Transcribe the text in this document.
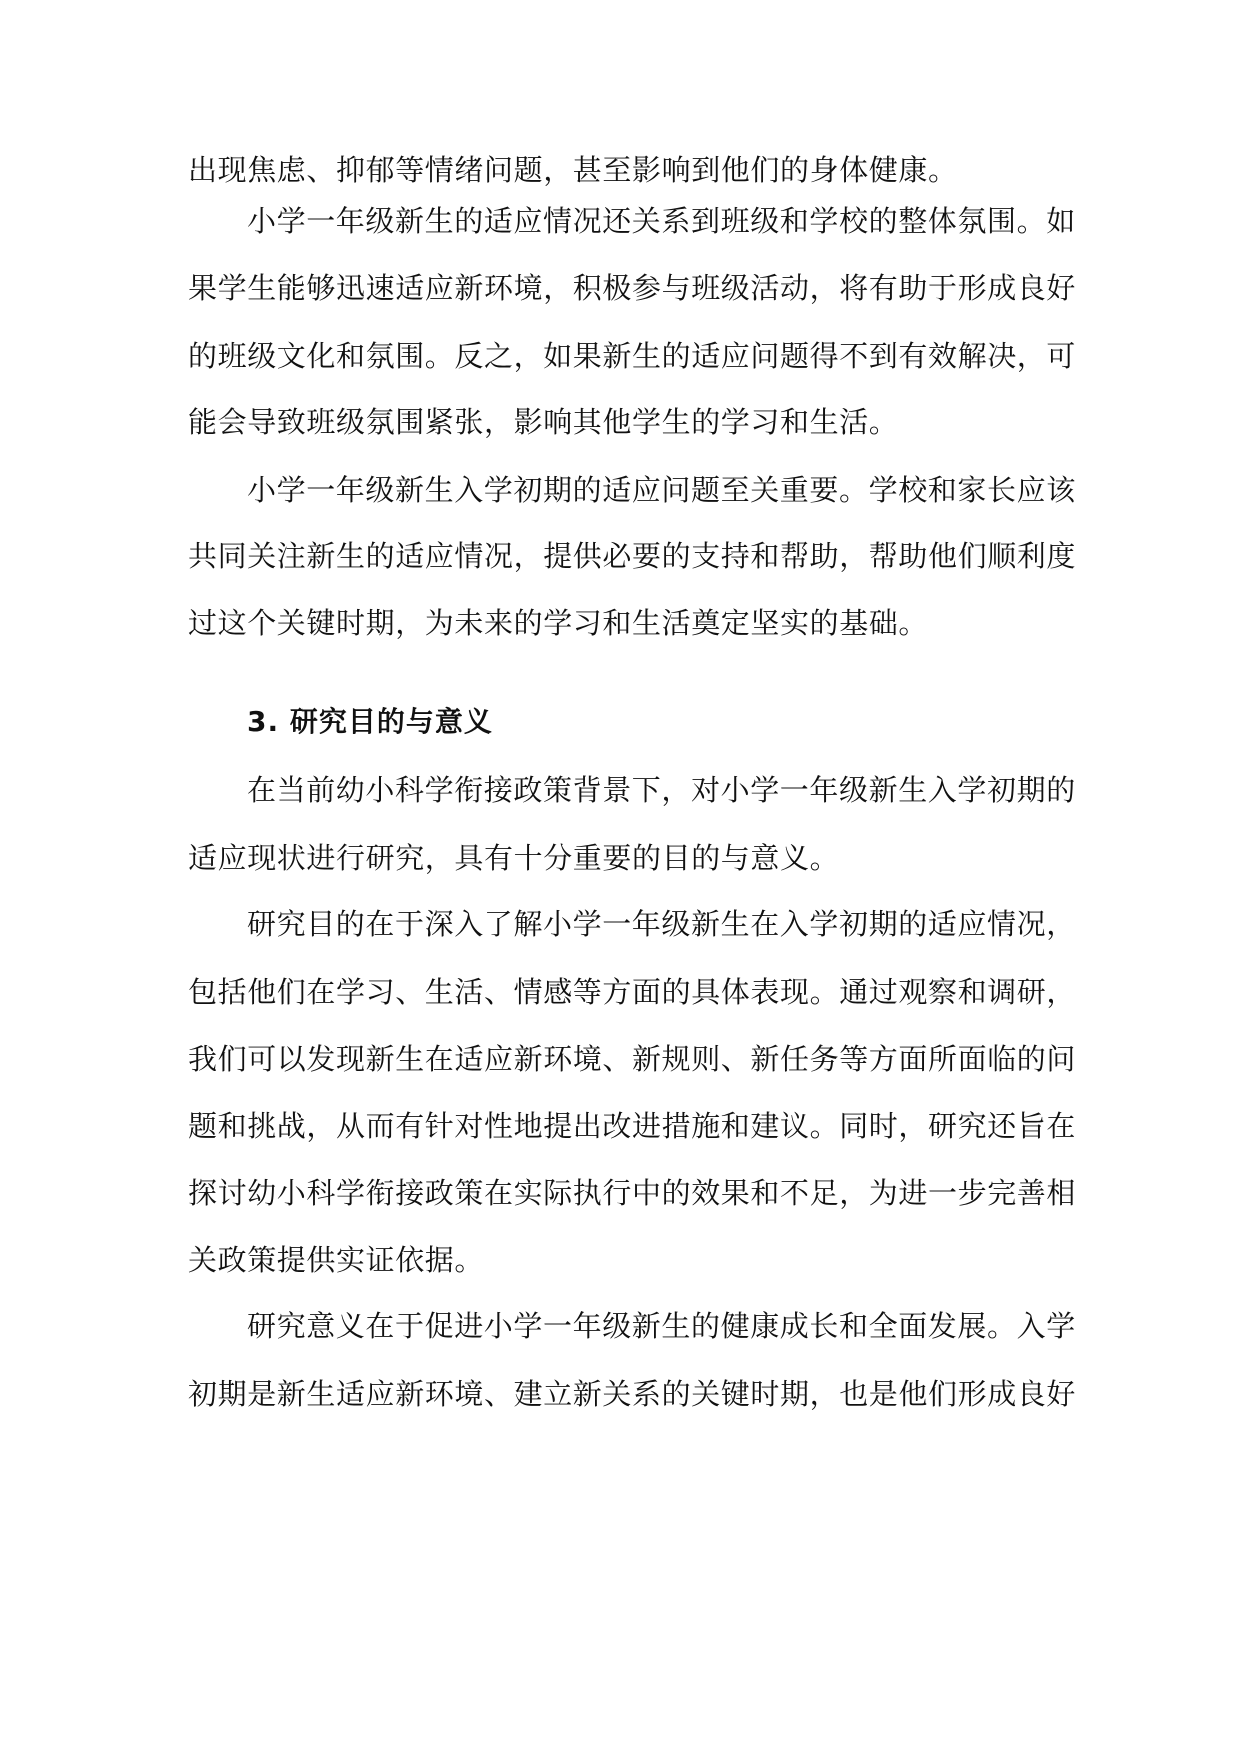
出现焦虑、抑郁等情绪问题，甚至影响到他们的身体健康。
小学一年级新生的适应情况还关系到班级和学校的整体氛围。如
果学生能够迅速适应新环境，积极参与班级活动，将有助于形成良好
的班级文化和氛围。反之，如果新生的适应问题得不到有效解决，可
能会导致班级氛围紧张，影响其他学生的学习和生活。
小学一年级新生入学初期的适应问题至关重要。学校和家长应该
共同关注新生的适应情况，提供必要的支持和帮助，帮助他们顺利度
过这个关键时期，为未来的学习和生活奠定坚实的基础。
3. 研究目的与意义
在当前幼小科学衔接政策背景下，对小学一年级新生入学初期的
适应现状进行研究，具有十分重要的目的与意义。
研究目的在于深入了解小学一年级新生在入学初期的适应情况，
包括他们在学习、生活、情感等方面的具体表现。通过观察和调研，
我们可以发现新生在适应新环境、新规则、新任务等方面所面临的问
题和挑战，从而有针对性地提出改进措施和建议。同时，研究还旨在
探讨幼小科学衔接政策在实际执行中的效果和不足，为进一步完善相
关政策提供实证依据。
研究意义在于促进小学一年级新生的健康成长和全面发展。入学
初期是新生适应新环境、建立新关系的关键时期，也是他们形成良好
